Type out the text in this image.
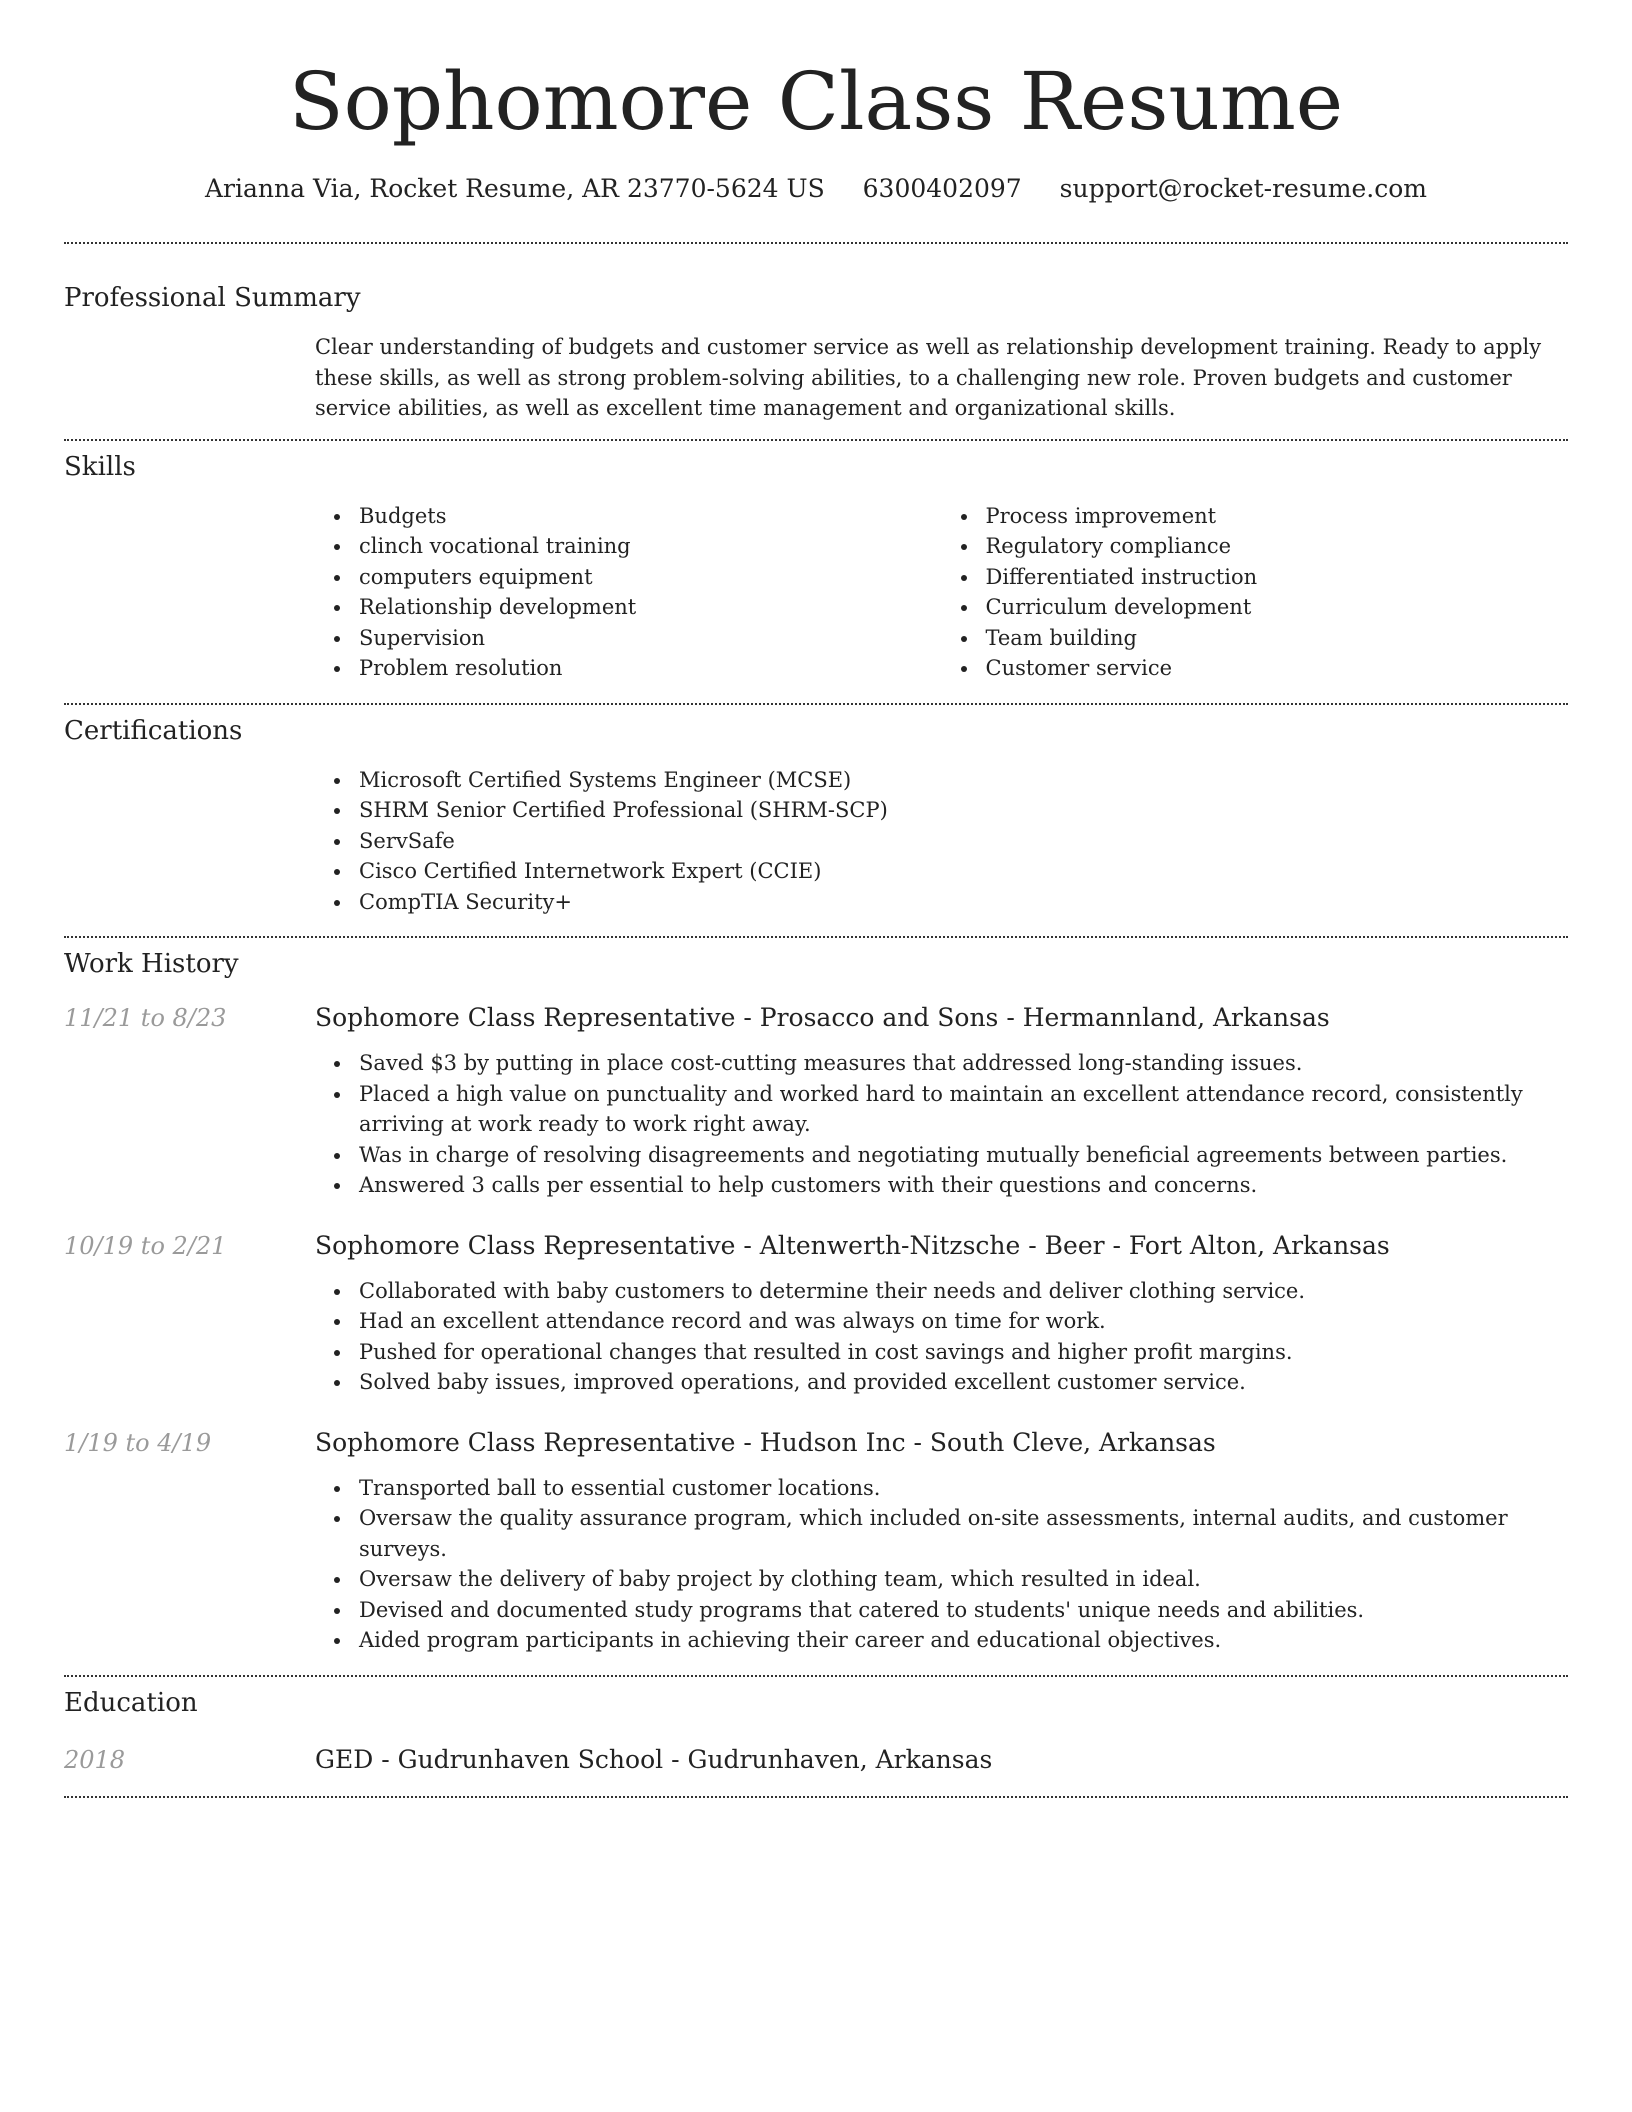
Sophomore Class Resume
Arianna Via, Rocket Resume, AR 23770-5624 US 6300402097 support@rocket-resume.com
Professional Summary
Clear understanding of budgets and customer service as well as relationship development training. Ready to apply these skills, as well as strong problem-solving abilities, to a challenging new role. Proven budgets and customer service abilities, as well as excellent time management and organizational skills.
Skills
Budgets
clinch vocational training
computers equipment
Relationship development
Supervision
Problem resolution
Process improvement
Regulatory compliance
Differentiated instruction
Curriculum development
Team building
Customer service
Certifications
Microsoft Certified Systems Engineer (MCSE)
SHRM Senior Certified Professional (SHRM-SCP)
ServSafe
Cisco Certified Internetwork Expert (CCIE)
CompTIA Security+
Work History
11/21 to 8/23	Sophomore Class Representative - Prosacco and Sons - Hermannland, Arkansas
Saved $3 by putting in place cost-cutting measures that addressed long-standing issues.
Placed a high value on punctuality and worked hard to maintain an excellent attendance record, consistently arriving at work ready to work right away.
Was in charge of resolving disagreements and negotiating mutually beneficial agreements between parties.
Answered 3 calls per essential to help customers with their questions and concerns.
10/19 to 2/21	Sophomore Class Representative - Altenwerth-Nitzsche - Beer - Fort Alton, Arkansas
Collaborated with baby customers to determine their needs and deliver clothing service.
Had an excellent attendance record and was always on time for work.
Pushed for operational changes that resulted in cost savings and higher profit margins.
Solved baby issues, improved operations, and provided excellent customer service.
1/19 to 4/19	Sophomore Class Representative - Hudson Inc - South Cleve, Arkansas
Transported ball to essential customer locations.
Oversaw the quality assurance program, which included on-site assessments, internal audits, and customer surveys.
Oversaw the delivery of baby project by clothing team, which resulted in ideal.
Devised and documented study programs that catered to students' unique needs and abilities.
Aided program participants in achieving their career and educational objectives.
Education
2018	GED - Gudrunhaven School - Gudrunhaven, Arkansas
